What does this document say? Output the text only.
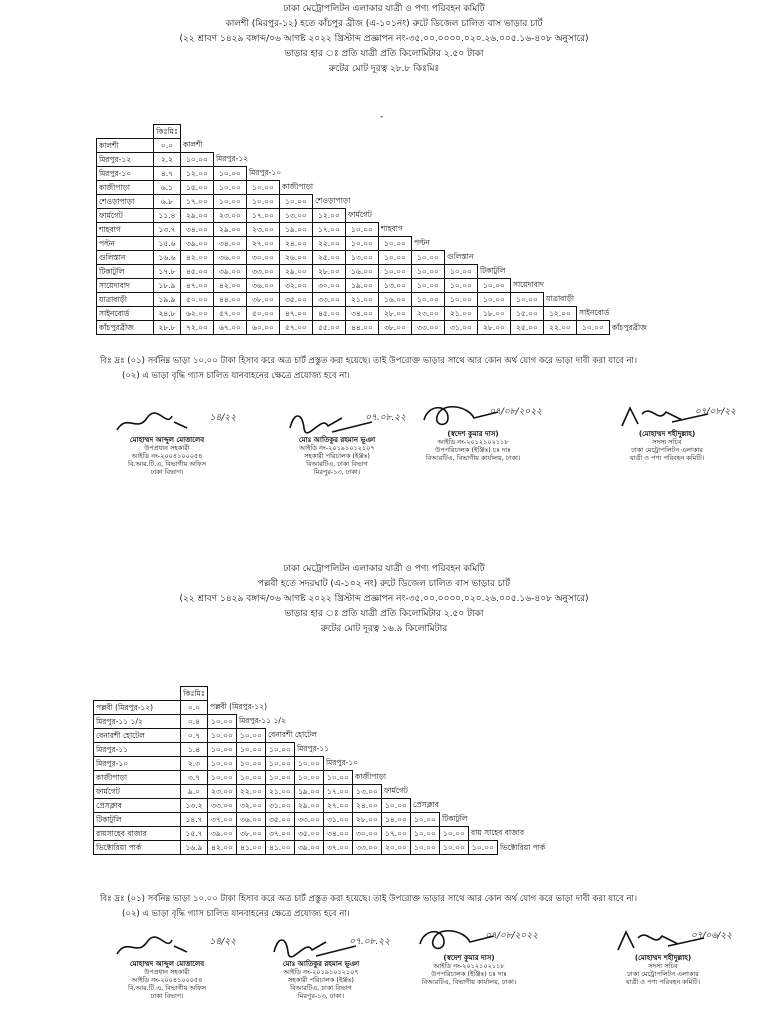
ঢাকা মেট্রোপলিটন এলাকার যাত্রী ও পণ্য পরিবহন কমিটি
কালশী (মিরপুর-১২) হতে কাঁচপুর ব্রীজ (এ-১০১নং) রুটে ডিজেল চালিত বাস ভাড়ার চার্ট
(২২ শ্রাবণ ১৪২৯ বঙ্গাব্দ/০৬ আগষ্ট ২০২২ খ্রিস্টাব্দ প্রজ্ঞাপন নং-৩৫.০০.০০০০.০২০.২৬.০০৫.১৬-৪০৮ অনুসারে)
ভাড়ার হার ঃ প্রতি যাত্রী প্রতি কিলোমিটার ২.৫০ টাকা
রুটের মোট দূরত্ব ২৮.৮ কিঃমিঃ
-
	কিঃমিঃ														
কালশী	০.০	কালশী													
মিরপুর-১২	২.২	১০.০০	মিরপুর-১২												
মিরপুর-১০	৪.৭	১২.০০	১০.০০	মিরপুর-১০											
কাজীপাড়া	৬.১	১৫.০০	১০.০০	১০.০০	কাজীপাড়া										
শেওড়াপাড়া	৬.৮	১৭.০০	১০.০০	১০.০০	১০.০০	শেওড়াপাড়া									
ফার্মগেট	১১.৪	২৯.০০	২৩.০০	১৭.০০	১৩.০০	১২.০০	ফার্মগেট								
শাহবাগ	১৩.৭	৩৪.০০	২৯.০০	২৩.০০	১৯.০০	১৭.০০	১০.০০	শাহবাগ							
পল্টন	১৫.৬	৩৯.০০	৩৪.০০	২৭.০০	২৪.০০	২২.০০	১০.০০	১০.০০	পল্টন						
গুলিস্তান	১৬.৬	৪২.০০	৩৬.০০	৩০.০০	২৬.০০	২৫.০০	১৩.০০	১০.০০	১০.০০	গুলিস্তান					
টিকাটুলি	১৭.৮	৪৫.০০	৩৯.০০	৩৩.০০	২৯.০০	২৮.০০	১৬.০০	১০.০০	১০.০০	১০.০০	টিকাটুলি				
সায়েদাবাদ	১৮.৯	৪৭.০০	৪২.০০	৩৬.০০	৩২.০০	৩০.০০	১৯.০০	১৩.০০	১০.০০	১০.০০	১০.০০	সায়েদাবাদ			
যাত্রাবাড়ী	১৯.৯	৫০.০০	৪৪.০০	৩৮.০০	৩৫.০০	৩৩.০০	২১.০০	১৬.০০	১০.০০	১০.০০	১০.০০	১০.০০	যাত্রাবাড়ী		
সাইনবোর্ড	২৪.৮	৬২.০০	৫৭.০০	৫০.০০	৪৭.০০	৪৫.০০	৩৪.০০	২৮.০০	২৩.০০	২১.০০	১৮.০০	১৫.০০	১২.০০	সাইনবোর্ড	
কাঁচপুরব্রীজ	২৮.৮	৭২.০০	৬৭.০০	৬০.০০	৫৭.০০	৫৫.০০	৪৪.০০	৩৮.০০	৩৩.০০	৩১.০০	২৮.০০	২৫.০০	২২.০০	১০.০০	কাঁচপুরব্রীজ
বিঃ দ্রঃ (০১) সর্বনিম্ন ভাড়া ১০.০০ টাকা হিসাব করে অত্র চার্ট প্রস্তুত করা হয়েছে। তাই উপরোক্ত ভাড়ার সাথে আর কোন অর্থ যোগ করে ভাড়া দাবী করা যাবে না।
(০২) এ ভাড়া বৃদ্ধি গ্যাস চালিত যানবাহনের ক্ষেত্রে প্রযোজ্য হবে না।
১৪/২২
মোহাম্মদ আব্দুল মোত্তালেব
উপপ্রধান সহকারী
আইডি নং-২০০৪১০০০৫৪
বি.আর.টি.এ, বিভাগীয় অফিস
ঢাকা বিভাগ।
০৭.০৮.২২
মোঃ আতিকুর রহমান ভূঞা
আইডি নং-২০১৯১০১২১০৭
সহকারী পরিচালক (ইঞ্জঃ)
বিআরটিএ, ঢাকা বিভাগ
মিরপুর-১৩, ঢাকা।
০৭/০৮/২০২২
(স্বদেশ কুমার দাস)
আইডি নং-২০১২১০২১১৮
উপপরিচালক (ইঞ্জিঃ) চঃ দাঃ
বিআরটিএ, বিভাগীয় কার্যালয়, ঢাকা।
০৭/০৮/২২
(মোহাম্মদ শহীদুল্লাহ)
সদস্য সচিব
ঢাকা মেট্রোপলিটন এলাকার
যাত্রী ও পণ্য পরিবহন কমিটি।
ঢাকা মেট্রোপলিটন এলাকার যাত্রী ও পণ্য পরিবহন কমিটি
পল্লবী হতে সদরঘাট (এ-১০২ নং) রুটে ডিজেল চালিত বাস ভাড়ার চার্ট
(২২ শ্রাবণ ১৪২৯ বঙ্গাব্দ/০৬ আগষ্ট ২০২২ খ্রিস্টাব্দ প্রজ্ঞাপন নং-৩৫.০০.০০০০.০২০.২৬.০০৫.১৬-৪০৮ অনুসারে)
ভাড়ার হার ঃ প্রতি যাত্রী প্রতি কিলোমিটার ২.৫০ টাকা
রুটের মোট দূরত্ব ১৬.৯ কিলোমিটার
	কিঃমিঃ											
পল্লবী (মিরপুর-১২)	০.০	পল্লবী (মিরপুর-১২)										
মিরপুর-১১ ১/২	০.৪	১০.০০	মিরপুর-১১ ১/২									
বেনারশী হোটেল	০.৭	১০.০০	১০.০০	বেনারশী হোটেল								
মিরপুর-১১	১.৪	১০.০০	১০.০০	১০.০০	মিরপুর-১১							
মিরপুর-১০	২.৩	১০.০০	১০.০০	১০.০০	১০.০০	মিরপুর-১০						
কাজীপাড়া	৩.৭	১০.০০	১০.০০	১০.০০	১০.০০	১০.০০	কাজীপাড়া					
ফার্মগেট	৯.০	২৩.০০	২২.০০	২১.০০	১৯.০০	১৭.০০	১৩.০০	ফার্মগেট				
প্রেসক্লাব	১৩.২	৩৩.০০	৩২.০০	৩১.০০	২৯.০০	২৭.০০	২৪.০০	১০.০০	প্রেসক্লাব			
টিকাটুলি	১৪.৭	৩৭.০০	৩৬.০০	৩৫.০০	৩৩.০০	৩১.০০	২৮.০০	১৪.০০	১০.০০	টিকাটুলি		
রায়সাহেব বাজার	১৫.৭	৩৯.০০	৩৮.০০	৩৭.০০	৩৫.০০	৩৪.০০	৩০.০০	১৭.০০	১০.০০	১০.০০	রায় সাহেব বাজার	
ভিক্টোরিয়া পার্ক	১৬.৯	৪২.০০	৪১.০০	৪১.০০	৩৯.০০	৩৭.০০	৩৩.০০	২০.০০	১০.০০	১০.০০	১০.০০	ভিক্টোরিয়া পার্ক
বিঃ দ্রঃ (০১) সর্বনিম্ন ভাড়া ১০.০০ টাকা হিসাব করে অত্র চার্ট প্রস্তুত করা হয়েছে। তাই উপরোক্ত ভাড়ার সাথে আর কোন অর্থ যোগ করে ভাড়া দাবী করা যাবে না।
(০২) এ ভাড়া বৃদ্ধি গ্যাস চালিত যানবাহনের ক্ষেত্রে প্রযোজ্য হবে না।
১৪/২২
মোহাম্মদ আব্দুল মোত্তালেব
উপপ্রধান সহকারী
আইডি নং-২০০৪১০০০৫৪
বি.আর.টি.এ, বিভাগীয় অফিস
ঢাকা বিভাগ।
০৭.০৮.২২
মোঃ আতিকুর রহমান ভূঞা
আইডি নং-২০১৯১০১২১০৭
সহকারী পরিচালক (ইঞ্জঃ)
বিআরটিএ, ঢাকা বিভাগ
মিরপুর-১৩, ঢাকা।
০৭/০৮/২০২২
(স্বদেশ কুমার দাস)
আইডি নং-২০১২১০২১১৮
উপপরিচালক (ইঞ্জিঃ) চঃ দাঃ
বিআরটিএ, বিভাগীয় কার্যালয়, ঢাকা।
০৭/০৬/২২
(মোহাম্মদ শহীদুল্লাহ)
সদস্য সচিব
ঢাকা মেট্রোপলিটন এলাকার
যাত্রী ও পণ্য পরিবহন কমিটি।
